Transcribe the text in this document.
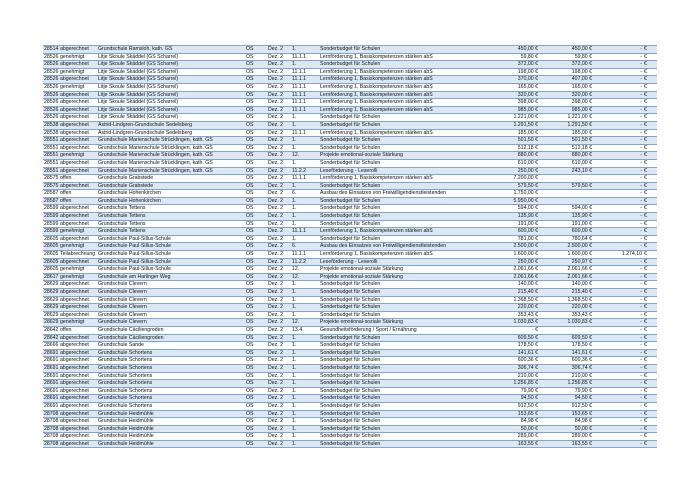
28514	abgerechnet	Grundschule Ramsloh, kath. GS	OS	Dez. 2	1.	Sonderbudget für Schulen	450,00 €	450,00 €	-	€
28526	genehmigt	Litje Skoule Skäddel (GS Scharrel)	OS	Dez. 2	11.1.1	Lernförderung 1, Basiskompetenzen stärken abS	59,80 €	59,80 €	-	€
28526	abgerechnet	Litje Skoule Skäddel (GS Scharrel)	OS	Dez. 2	1.	Sonderbudget für Schulen	372,00 €	372,00 €	-	€
28526	genehmigt	Litje Skoule Skäddel (GS Scharrel)	OS	Dez. 2	11.1.1	Lernförderung 1, Basiskompetenzen stärken abS	198,00 €	198,00 €	-	€
28526	abgerechnet	Litje Skoule Skäddel (GS Scharrel)	OS	Dez. 2	11.1.1	Lernförderung 1, Basiskompetenzen stärken abS	370,00 €	407,00 €	-	€
28526	genehmigt	Litje Skoule Skäddel (GS Scharrel)	OS	Dez. 2	11.1.1	Lernförderung 1, Basiskompetenzen stärken abS	165,00 €	165,00 €	-	€
28526	abgerechnet	Litje Skoule Skäddel (GS Scharrel)	OS	Dez. 2	11.1.1	Lernförderung 1, Basiskompetenzen stärken abS	320,00 €	320,00 €	-	€
28526	abgerechnet	Litje Skoule Skäddel (GS Scharrel)	OS	Dez. 2	11.1.1	Lernförderung 1, Basiskompetenzen stärken abS	398,00 €	398,00 €	-	€
28526	abgerechnet	Litje Skoule Skäddel (GS Scharrel)	OS	Dez. 2	11.1.1	Lernförderung 1, Basiskompetenzen stärken abS	985,00 €	985,00 €	-	€
28526	abgerechnet	Litje Skoule Skäddel (GS Scharrel)	OS	Dez. 2	1.	Sonderbudget für Schulen	1.221,00 €	1.221,00 €	-	€
28538	abgerechnet	Astrid-Lindgren-Grundschule Sedelsberg	OS	Dez. 2	1.	Sonderbudget für Schulen	1.291,50 €	1.291,50 €	-	€
28538	abgerechnet	Astrid-Lindgren-Grundschule Sedelsberg	OS	Dez. 2	11.1.1	Lernförderung 1, Basiskompetenzen stärken abS	185,00 €	185,00 €	-	€
28551	abgerechnet	Grundschule Marienschule Strücklingen, kath. GS	OS	Dez. 2	1.	Sonderbudget für Schulen	501,50 €	501,50 €	-	€
28551	abgerechnet	Grundschule Marienschule Strücklingen, kath. GS	OS	Dez. 2	1.	Sonderbudget für Schulen	512,18 €	512,18 €	-	€
28551	genehmigt	Grundschule Marienschule Strücklingen, kath. GS	OS	Dez. 2	12.	Projekte emotional-soziale Stärkung	880,00 €	880,00 €	-	€
28551	abgerechnet	Grundschule Marienschule Strücklingen, kath. GS	OS	Dez. 2	1.	Sonderbudget für Schulen	610,00 €	610,00 €	-	€
28551	abgerechnet	Grundschule Marienschule Strücklingen, kath. GS	OS	Dez. 2	11.2.2	Leseförderung - Leserolli	250,00 €	243,10 €	-	€
28575	offen	Grundschule Grabstede	OS	Dez. 2	11.1.1	Lernförderung 1, Basiskompetenzen stärken abS	7.200,00 €		-	€
28575	abgerechnet	Grundschule Grabstede	OS	Dez. 2	1.	Sonderbudget für Schulen	579,50 €	579,50 €	-	€
28587	offen	Grundschule Hohenkirchen	OS	Dez. 2	6.	Ausbau des Einsatzes von Freiwilligendienstleistenden	1.750,00 €		-	€
28587	offen	Grundschule Hohenkirchen	OS	Dez. 2	1.	Sonderbudget für Schulen	5.950,00 €		-	€
28599	abgerechnet	Grundschule Tettens	OS	Dez. 2	1.	Sonderbudget für Schulen	594,00 €	594,00 €	-	€
28599	abgerechnet	Grundschule Tettens	OS	Dez. 2	1.	Sonderbudget für Schulen	135,90 €	135,90 €	-	€
28599	abgerechnet	Grundschule Tettens	OS	Dez. 2	1.	Sonderbudget für Schulen	191,00 €	191,00 €	-	€
28599	genehmigt	Grundschule Tettens	OS	Dez. 2	11.1.1	Lernförderung 1, Basiskompetenzen stärken abS	600,00 €	600,00 €	-	€
28605	abgerechnet	Grundschule Paul-Sillus-Schule	OS	Dez. 2	1.	Sonderbudget für Schulen	781,00 €	780,64 €	-	€
28605	genehmigt	Grundschule Paul-Sillus-Schule	OS	Dez. 2	6.	Ausbau des Einsatzes von Freiwilligendienstleistenden	2.500,00 €	2.500,00 €	-	€
28605	Teilabrechnung	Grundschule Paul-Sillus-Schule	OS	Dez. 2	11.1.1	Lernförderung 1, Basiskompetenzen stärken abS	1.600,00 €	1.600,00 €	1.274,10	€
28605	abgerechnet	Grundschule Paul-Sillus-Schule	OS	Dez. 2	11.2.2	Leseförderung - Leserolli	250,00 €	250,97 €	-	€
28605	genehmigt	Grundschule Paul-Sillus-Schule	OS	Dez. 2	12.	Projekte emotional-soziale Stärkung	2.061,66 €	2.061,66 €	-	€
28617	genehmigt	Grundschule am Harlinger Weg	OS	Dez. 2	12.	Projekte emotional-soziale Stärkung	2.061,66 €	2.061,66 €	-	€
28629	abgerechnet	Grundschule Clevern	OS	Dez. 2	1.	Sonderbudget für Schulen	140,00 €	140,00 €	-	€
28629	abgerechnet	Grundschule Clevern	OS	Dez. 2	1.	Sonderbudget für Schulen	215,40 €	215,40 €	-	€
28629	abgerechnet	Grundschule Clevern	OS	Dez. 2	1.	Sonderbudget für Schulen	1.368,50 €	1.368,50 €	-	€
28629	abgerechnet	Grundschule Clevern	OS	Dez. 2	1.	Sonderbudget für Schulen	220,00 €	220,00 €	-	€
28629	abgerechnet	Grundschule Clevern	OS	Dez. 2	1.	Sonderbudget für Schulen	353,43 €	353,43 €	-	€
28629	genehmigt	Grundschule Clevern	OS	Dez. 2	12.	Projekte emotional-soziale Stärkung	1.030,83 €	1.030,83 €	-	€
28642	offen	Grundschule Cäciliengroden	OS	Dez. 2	13.4.	Gesundheitsförderung / Sport / Ernährung	- €		-	€
28642	abgerechnet	Grundschule Cäciliengroden	OS	Dez. 2	1.	Sonderbudget für Schulen	609,50 €	609,50 €	-	€
28666	abgerechnet	Grundschule Sande	OS	Dez. 2	1.	Sonderbudget für Schulen	178,50 €	178,50 €	-	€
28691	abgerechnet	Grundschule Schortens	OS	Dez. 2	1.	Sonderbudget für Schulen	141,61 €	141,61 €	-	€
28691	abgerechnet	Grundschule Schortens	OS	Dez. 2	1.	Sonderbudget für Schulen	600,36 €	600,36 €	-	€
28691	abgerechnet	Grundschule Schortens	OS	Dez. 2	1.	Sonderbudget für Schulen	306,74 €	306,74 €	-	€
28691	abgerechnet	Grundschule Schortens	OS	Dez. 2	1.	Sonderbudget für Schulen	210,00 €	210,00 €	-	€
28691	abgerechnet	Grundschule Schortens	OS	Dez. 2	1.	Sonderbudget für Schulen	1.256,85 €	1.256,85 €	-	€
28691	abgerechnet	Grundschule Schortens	OS	Dez. 2	1.	Sonderbudget für Schulen	79,90 €	79,90 €	-	€
28691	abgerechnet	Grundschule Schortens	OS	Dez. 2	1.	Sonderbudget für Schulen	94,50 €	94,50 €	-	€
28691	abgerechnet	Grundschule Schortens	OS	Dez. 2	1.	Sonderbudget für Schulen	912,50 €	912,50 €	-	€
28708	abgerechnet	Grundschule Heidmühle	OS	Dez. 2	1.	Sonderbudget für Schulen	153,65 €	153,65 €	-	€
28708	abgerechnet	Grundschule Heidmühle	OS	Dez. 2	1.	Sonderbudget für Schulen	84,98 €	84,98 €	-	€
28708	abgerechnet	Grundschule Heidmühle	OS	Dez. 2	1.	Sonderbudget für Schulen	50,00 €	50,00 €	-	€
28708	abgerechnet	Grundschule Heidmühle	OS	Dez. 2	1.	Sonderbudget für Schulen	289,00 €	289,00 €	-	€
28708	abgerechnet	Grundschule Heidmühle	OS	Dez. 2	1.	Sonderbudget für Schulen	163,55 €	163,55 €	-	€
